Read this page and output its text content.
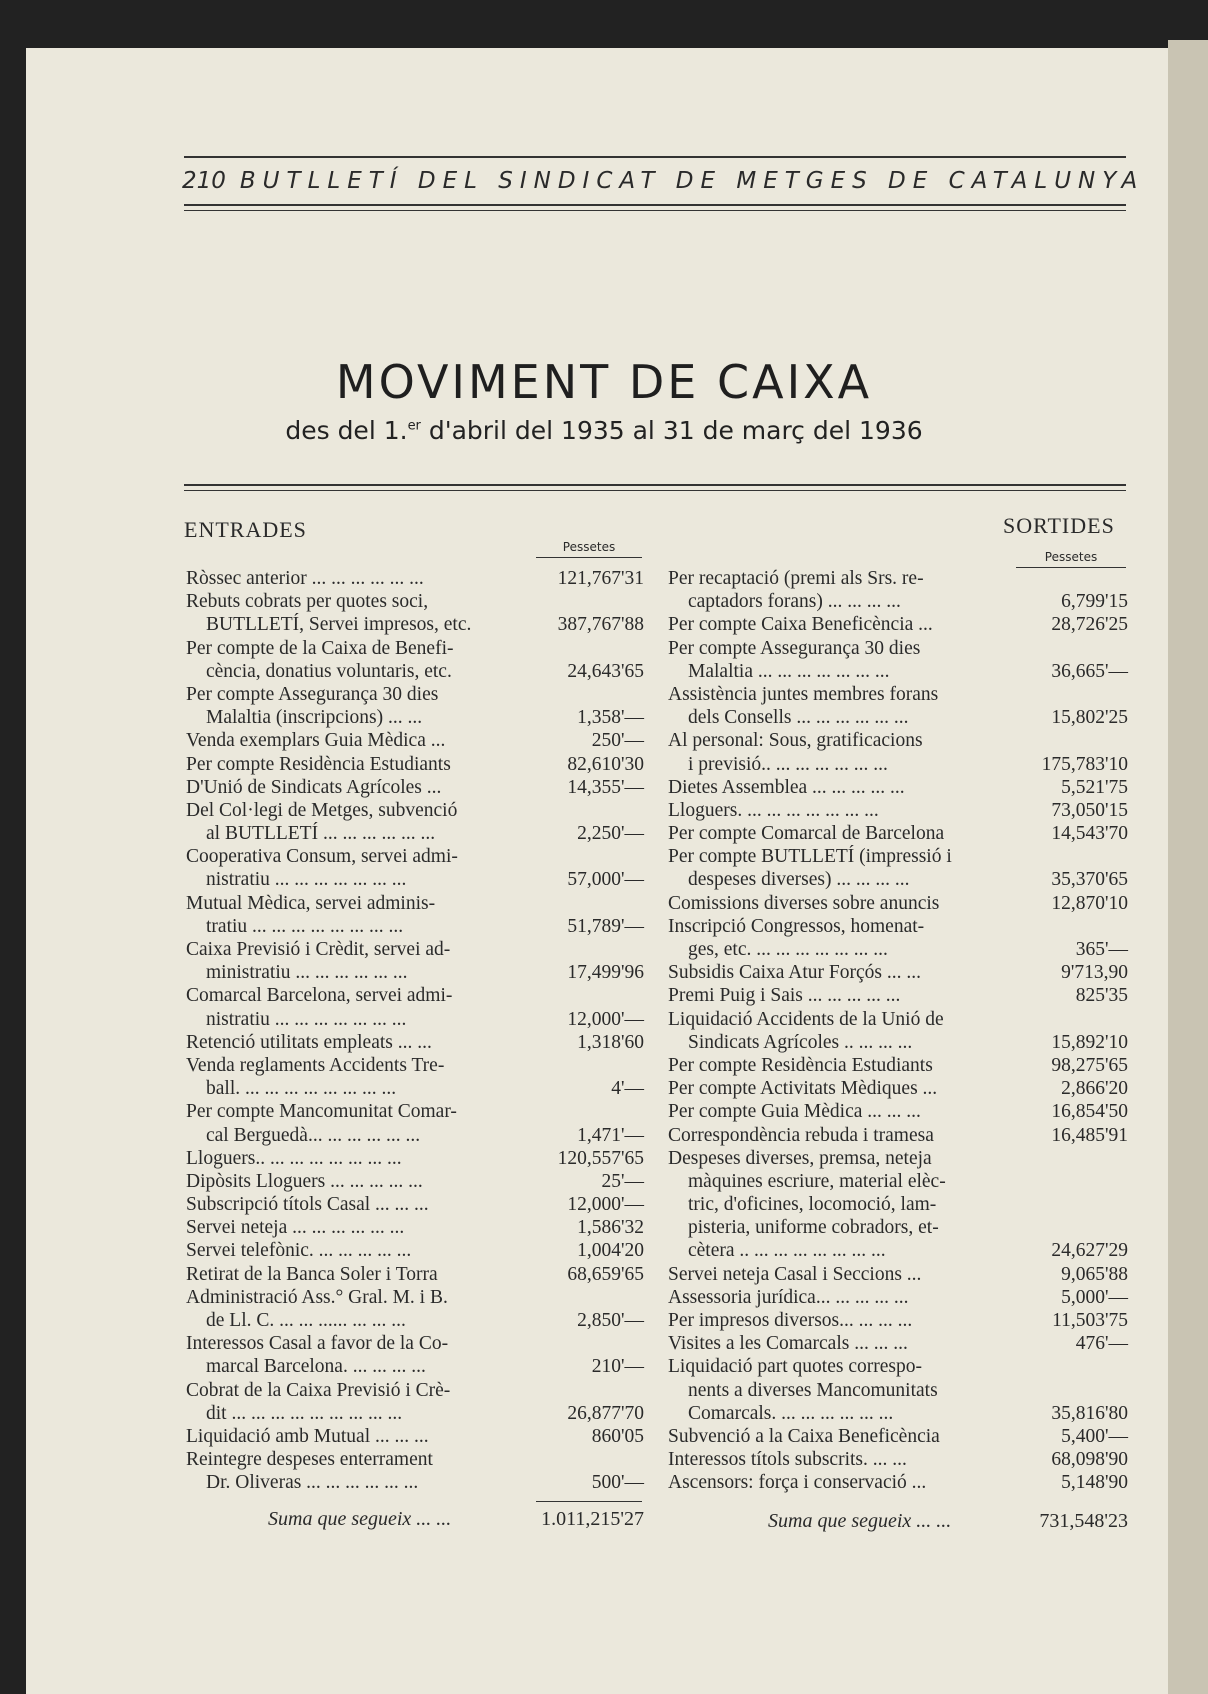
210 BUTLLETÍ DEL SINDICAT DE METGES DE CATALUNYA
MOVIMENT DE CAIXA
des del 1.$^{er}$ d'abril del 1935 al 31 de març del 1936
ENTRADES	SORTIDES
Pessetes
Pessetes
Ròssec anterior ... ... ... ... ... ...	121,767'31
Rebuts cobrats per quotes soci,
BUTLLETÍ, Servei impresos, etc.	387,767'88
Per compte de la Caixa de Benefi-
cència, donatius voluntaris, etc.	24,643'65
Per compte Assegurança 30 dies
Malaltia (inscripcions) ... ...	1,358'—
Venda exemplars Guia Mèdica ...	250'—
Per compte Residència Estudiants	82,610'30
D'Unió de Sindicats Agrícoles ...	14,355'—
Del Col·legi de Metges, subvenció
al BUTLLETÍ ... ... ... ... ... ...	2,250'—
Cooperativa Consum, servei admi-
nistratiu ... ... ... ... ... ... ...	57,000'—
Mutual Mèdica, servei adminis-
tratiu ... ... ... ... ... ... ... ...	51,789'—
Caixa Previsió i Crèdit, servei ad-
ministratiu ... ... ... ... ... ...	17,499'96
Comarcal Barcelona, servei admi-
nistratiu ... ... ... ... ... ... ...	12,000'—
Retenció utilitats empleats ... ...	1,318'60
Venda reglaments Accidents Tre-
ball. ... ... ... ... ... ... ... ...	4'—
Per compte Mancomunitat Comar-
cal Berguedà... ... ... ... ... ...	1,471'—
Lloguers.. ... ... ... ... ... ... ...	120,557'65
Dipòsits Lloguers ... ... ... ... ...	25'—
Subscripció títols Casal ... ... ...	12,000'—
Servei neteja ... ... ... ... ... ...	1,586'32
Servei telefònic. ... ... ... ... ...	1,004'20
Retirat de la Banca Soler i Torra	68,659'65
Administració Ass.° Gral. M. i B.
de Ll. C. ... ... ...... ... ... ...	2,850'—
Interessos Casal a favor de la Co-
marcal Barcelona. ... ... ... ...	210'—
Cobrat de la Caixa Previsió i Crè-
dit ... ... ... ... ... ... ... ... ...	26,877'70
Liquidació amb Mutual ... ... ...	860'05
Reintegre despeses enterrament
Dr. Oliveras ... ... ... ... ... ...	500'—
Per recaptació (premi als Srs. re-
captadors forans) ... ... ... ...	6,799'15
Per compte Caixa Beneficència ...	28,726'25
Per compte Assegurança 30 dies
Malaltia ... ... ... ... ... ... ...	36,665'—
Assistència juntes membres forans
dels Consells ... ... ... ... ... ...	15,802'25
Al personal: Sous, gratificacions
i previsió.. ... ... ... ... ... ...	175,783'10
Dietes Assemblea ... ... ... ... ...	5,521'75
Lloguers. ... ... ... ... ... ... ...	73,050'15
Per compte Comarcal de Barcelona	14,543'70
Per compte BUTLLETÍ (impressió i
despeses diverses) ... ... ... ...	35,370'65
Comissions diverses sobre anuncis	12,870'10
Inscripció Congressos, homenat-
ges, etc. ... ... ... ... ... ... ...	365'—
Subsidis Caixa Atur Forçós ... ...	9'713,90
Premi Puig i Sais ... ... ... ... ...	825'35
Liquidació Accidents de la Unió de
Sindicats Agrícoles .. ... ... ...	15,892'10
Per compte Residència Estudiants	98,275'65
Per compte Activitats Mèdiques ...	2,866'20
Per compte Guia Mèdica ... ... ...	16,854'50
Correspondència rebuda i tramesa	16,485'91
Despeses diverses, premsa, neteja
màquines escriure, material elèc-
tric, d'oficines, locomoció, lam-
pisteria, uniforme cobradors, et-
cètera .. ... ... ... ... ... ... ...	24,627'29
Servei neteja Casal i Seccions ...	9,065'88
Assessoria jurídica... ... ... ... ...	5,000'—
Per impresos diversos... ... ... ...	11,503'75
Visites a les Comarcals ... ... ...	476'—
Liquidació part quotes correspo-
nents a diverses Mancomunitats
Comarcals. ... ... ... ... ... ...	35,816'80
Subvenció a la Caixa Beneficència	5,400'—
Interessos títols subscrits. ... ...	68,098'90
Ascensors: força i conservació ...	5,148'90
Suma que segueix ... ...	1.011,215'27	Suma que segueix ... ...	731,548'23
